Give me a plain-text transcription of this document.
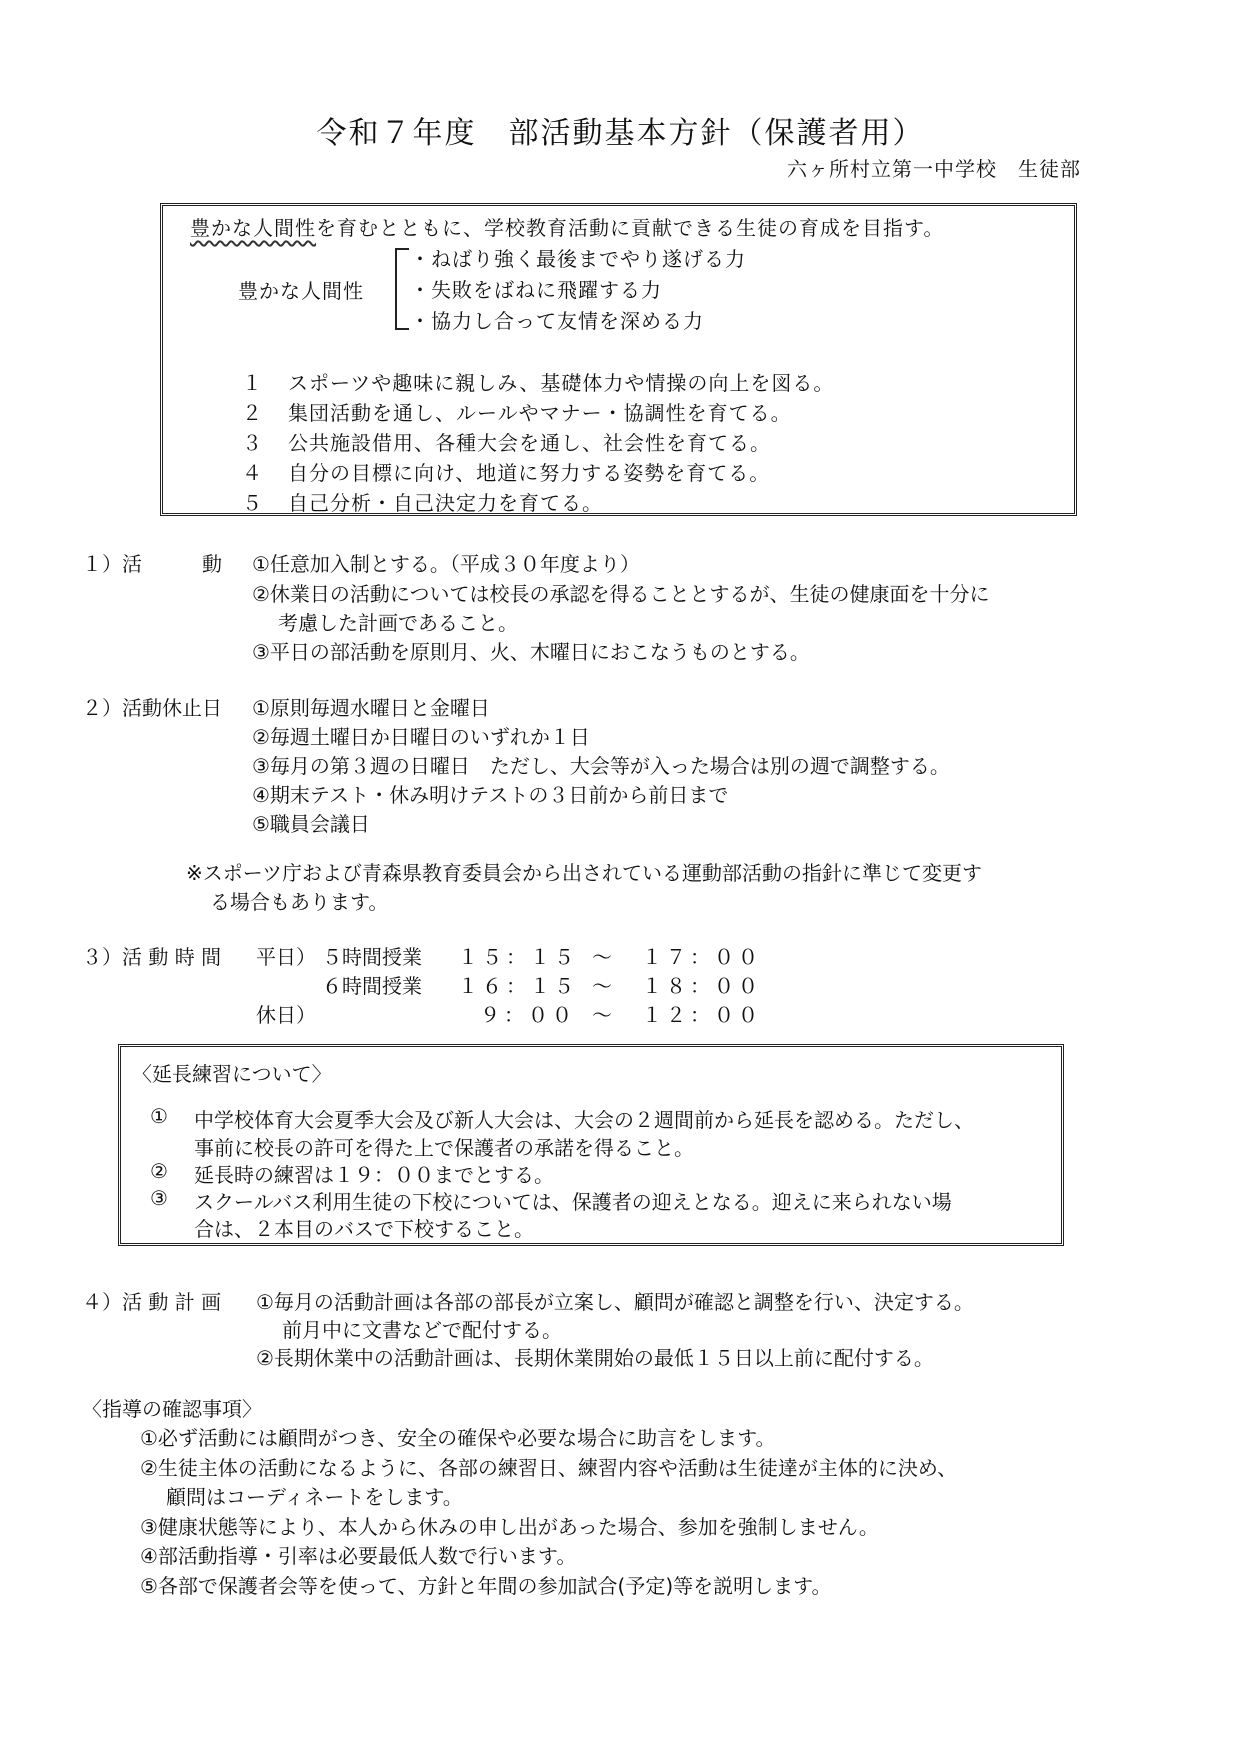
令和７年度　部活動基本方針（保護者用）
六ヶ所村立第一中学校　生徒部
豊かな人間性を育むとともに、学校教育活動に貢献できる生徒の育成を目指す。
豊かな人間性
・ねばり強く最後までやり遂げる力
・失敗をばねに飛躍する力
・協力し合って友情を深める力
１ スポーツや趣味に親しみ、基礎体力や情操の向上を図る。
２ 集団活動を通し、ルールやマナー・協調性を育てる。
３ 公共施設借用、各種大会を通し、社会性を育てる。
４ 自分の目標に向け、地道に努力する姿勢を育てる。
５ 自己分析・自己決定力を育てる。
１）活　　　動 ①任意加入制とする。（平成３０年度より）
②休業日の活動については校長の承認を得ることとするが、生徒の健康面を十分に
考慮した計画であること。
③平日の部活動を原則月、火、木曜日におこなうものとする。
２）活動休止日 ①原則毎週水曜日と金曜日
②毎週土曜日か日曜日のいずれか１日
③毎月の第３週の日曜日　ただし、大会等が入った場合は別の週で調整する。
④期末テスト・休み明けテストの３日前から前日まで
⑤職員会議日
※スポーツ庁および青森県教育委員会から出されている運動部活動の指針に準じて変更す
る場合もあります。
３）活 動 時 間 平日） ５時間授業 １５：１５ ～ １７：００
６時間授業 １６：１５ ～ １８：００
休日）	９：００ ～ １２：００
〈延長練習について〉
① 中学校体育大会夏季大会及び新人大会は、大会の２週間前から延長を認める。ただし、
事前に校長の許可を得た上で保護者の承諾を得ること。
② 延長時の練習は１９：００までとする。
③ スクールバス利用生徒の下校については、保護者の迎えとなる。迎えに来られない場
合は、２本目のバスで下校すること。
４）活 動 計 画 ①毎月の活動計画は各部の部長が立案し、顧問が確認と調整を行い、決定する。
前月中に文書などで配付する。
②長期休業中の活動計画は、長期休業開始の最低１５日以上前に配付する。
〈指導の確認事項〉
①必ず活動には顧問がつき、安全の確保や必要な場合に助言をします。
②生徒主体の活動になるように、各部の練習日、練習内容や活動は生徒達が主体的に決め、
顧問はコーディネートをします。
③健康状態等により、本人から休みの申し出があった場合、参加を強制しません。
④部活動指導・引率は必要最低人数で行います。
⑤各部で保護者会等を使って、方針と年間の参加試合(予定)等を説明します。
